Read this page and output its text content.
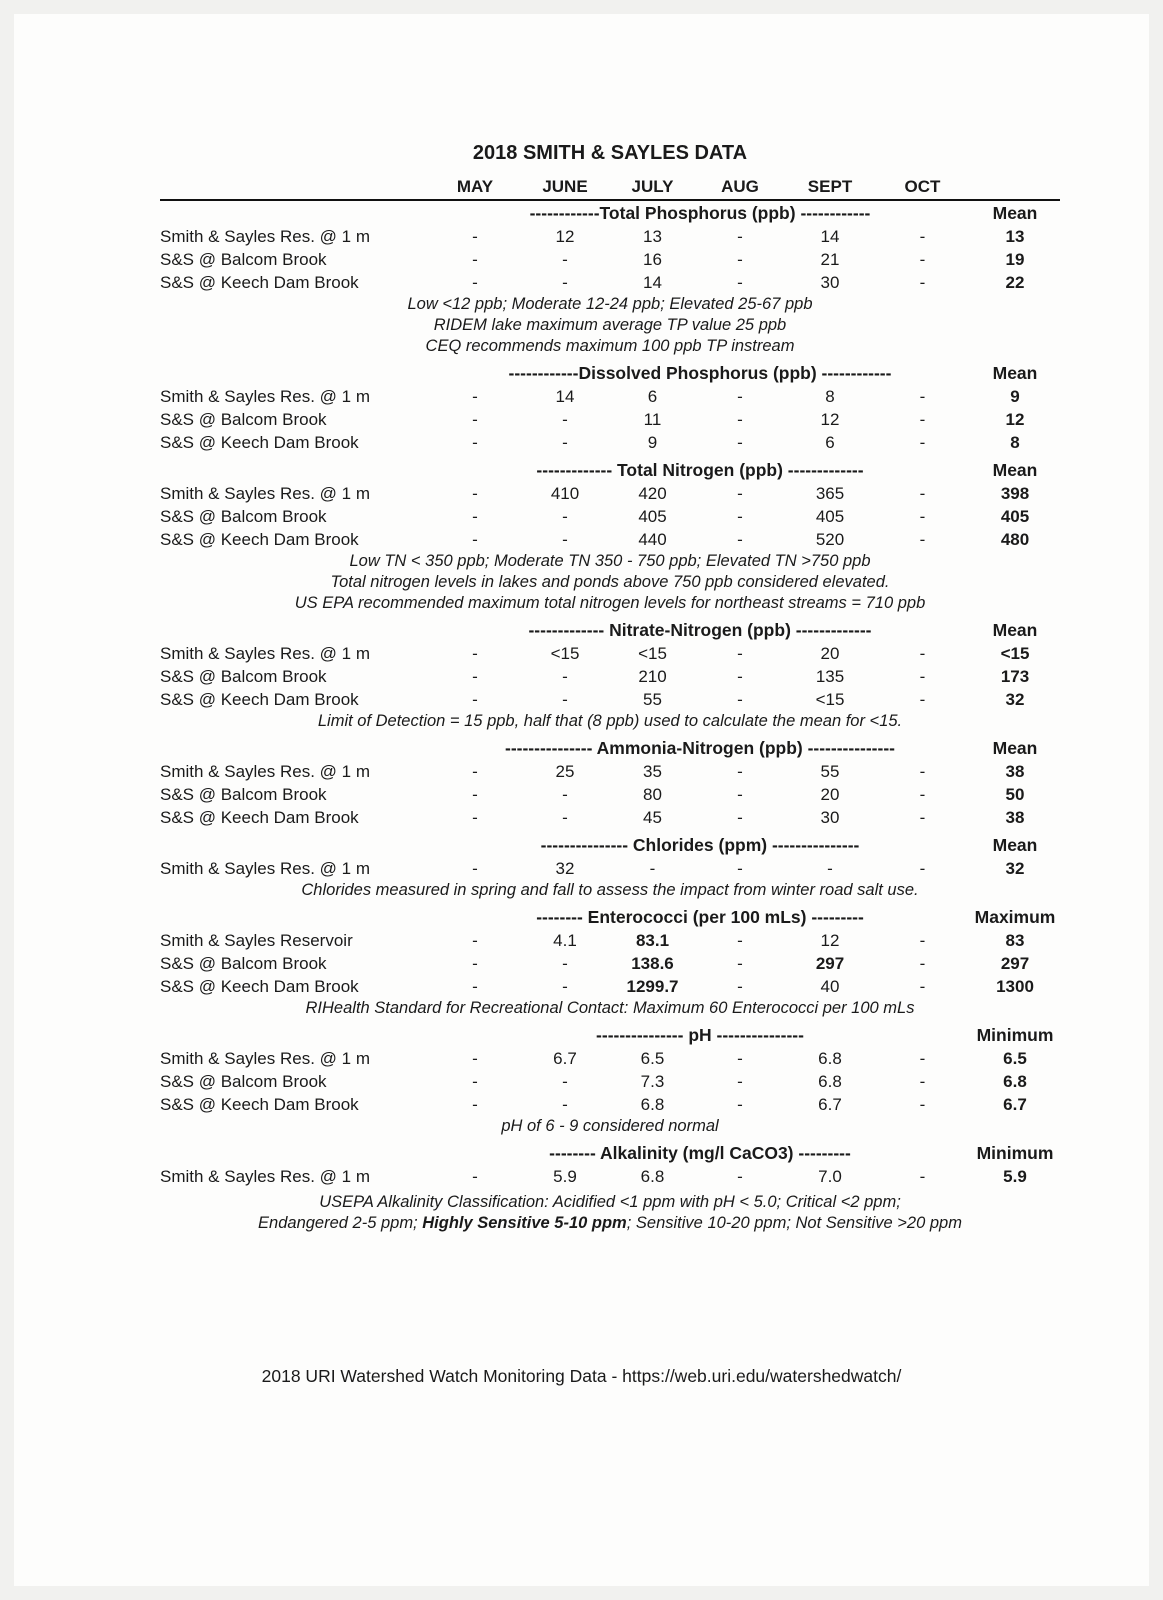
2018 SMITH & SAYLES DATA
MAY	JUNE	JULY	AUG	SEPT	OCT
------------Total Phosphorus (ppb) ------------	Mean
Smith & Sayles Res. @ 1 m	-	12	13	-	14	-	13
S&S @ Balcom Brook	-	-	16	-	21	-	19
S&S @ Keech Dam Brook	-	-	14	-	30	-	22
Low <12 ppb; Moderate 12-24 ppb; Elevated 25-67 ppb
RIDEM lake maximum average TP value 25 ppb
CEQ recommends maximum 100 ppb TP instream
------------Dissolved Phosphorus (ppb) ------------	Mean
Smith & Sayles Res. @ 1 m	-	14	6	-	8	-	9
S&S @ Balcom Brook	-	-	11	-	12	-	12
S&S @ Keech Dam Brook	-	-	9	-	6	-	8
------------- Total Nitrogen (ppb) -------------	Mean
Smith & Sayles Res. @ 1 m	-	410	420	-	365	-	398
S&S @ Balcom Brook	-	-	405	-	405	-	405
S&S @ Keech Dam Brook	-	-	440	-	520	-	480
Low TN < 350 ppb; Moderate TN 350 - 750 ppb; Elevated TN >750 ppb
Total nitrogen levels in lakes and ponds above 750 ppb considered elevated.
US EPA recommended maximum total nitrogen levels for northeast streams = 710 ppb
------------- Nitrate-Nitrogen (ppb) -------------	Mean
Smith & Sayles Res. @ 1 m	-	<15	<15	-	20	-	<15
S&S @ Balcom Brook	-	-	210	-	135	-	173
S&S @ Keech Dam Brook	-	-	55	-	<15	-	32
Limit of Detection = 15 ppb, half that (8 ppb) used to calculate the mean for <15.
--------------- Ammonia-Nitrogen (ppb) ---------------	Mean
Smith & Sayles Res. @ 1 m	-	25	35	-	55	-	38
S&S @ Balcom Brook	-	-	80	-	20	-	50
S&S @ Keech Dam Brook	-	-	45	-	30	-	38
--------------- Chlorides (ppm) ---------------	Mean
Smith & Sayles Res. @ 1 m	-	32	-	-	-	-	32
Chlorides measured in spring and fall to assess the impact from winter road salt use.
-------- Enterococci (per 100 mLs) ---------	Maximum
Smith & Sayles Reservoir	-	4.1	83.1	-	12	-	83
S&S @ Balcom Brook	-	-	138.6	-	297	-	297
S&S @ Keech Dam Brook	-	-	1299.7	-	40	-	1300
RIHealth Standard for Recreational Contact: Maximum 60 Enterococci per 100 mLs
--------------- pH ---------------	Minimum
Smith & Sayles Res. @ 1 m	-	6.7	6.5	-	6.8	-	6.5
S&S @ Balcom Brook	-	-	7.3	-	6.8	-	6.8
S&S @ Keech Dam Brook	-	-	6.8	-	6.7	-	6.7
pH of 6 - 9 considered normal
-------- Alkalinity (mg/l CaCO3) ---------	Minimum
Smith & Sayles Res. @ 1 m	-	5.9	6.8	-	7.0	-	5.9
USEPA Alkalinity Classification: Acidified <1 ppm with pH < 5.0; Critical <2 ppm;
Endangered 2-5 ppm; Highly Sensitive 5-10 ppm; Sensitive 10-20 ppm; Not Sensitive >20 ppm
2018 URI Watershed Watch Monitoring Data - https://web.uri.edu/watershedwatch/
